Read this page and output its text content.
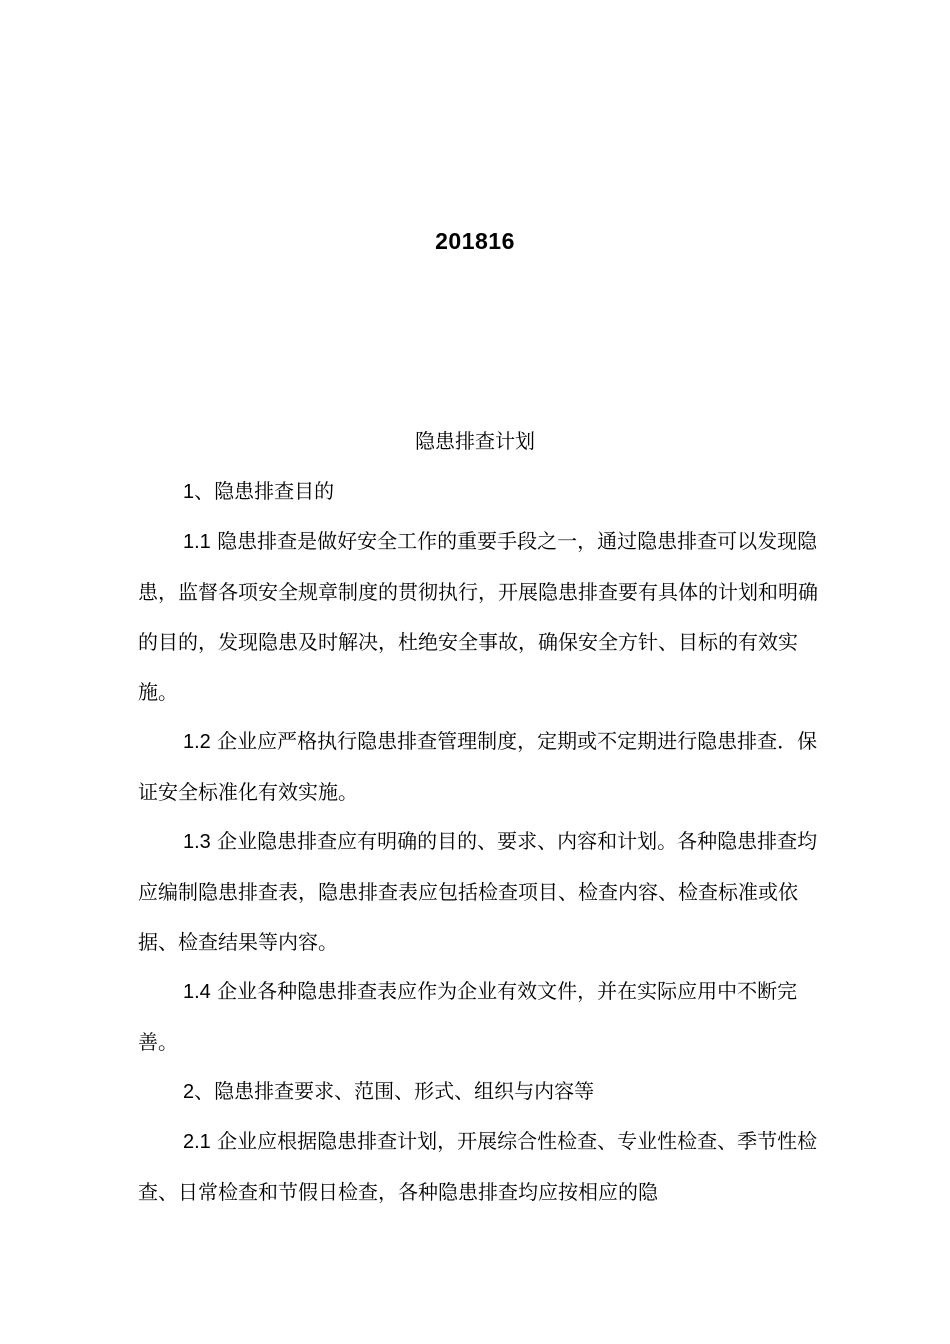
201816
隐患排查计划

1、隐患排查目的

1.1 隐患排查是做好安全工作的重要手段之一，通过隐患排查可以发现隐患，监督各项安全规章制度的贯彻执行，开展隐患排查要有具体的计划和明确的目的，发现隐患及时解决，杜绝安全事故，确保安全方针、目标的有效实施。

1.2 企业应严格执行隐患排查管理制度，定期或不定期进行隐患排查．保证安全标准化有效实施。

1.3 企业隐患排查应有明确的目的、要求、内容和计划。各种隐患排查均应编制隐患排查表，隐患排查表应包括检查项目、检查内容、检查标准或依据、检查结果等内容。

1.4 企业各种隐患排查表应作为企业有效文件，并在实际应用中不断完善。

2、隐患排查要求、范围、形式、组织与内容等

2.1 企业应根据隐患排查计划，开展综合性检查、专业性检查、季节性检查、日常检查和节假日检查，各种隐患排查均应按相应的隐
